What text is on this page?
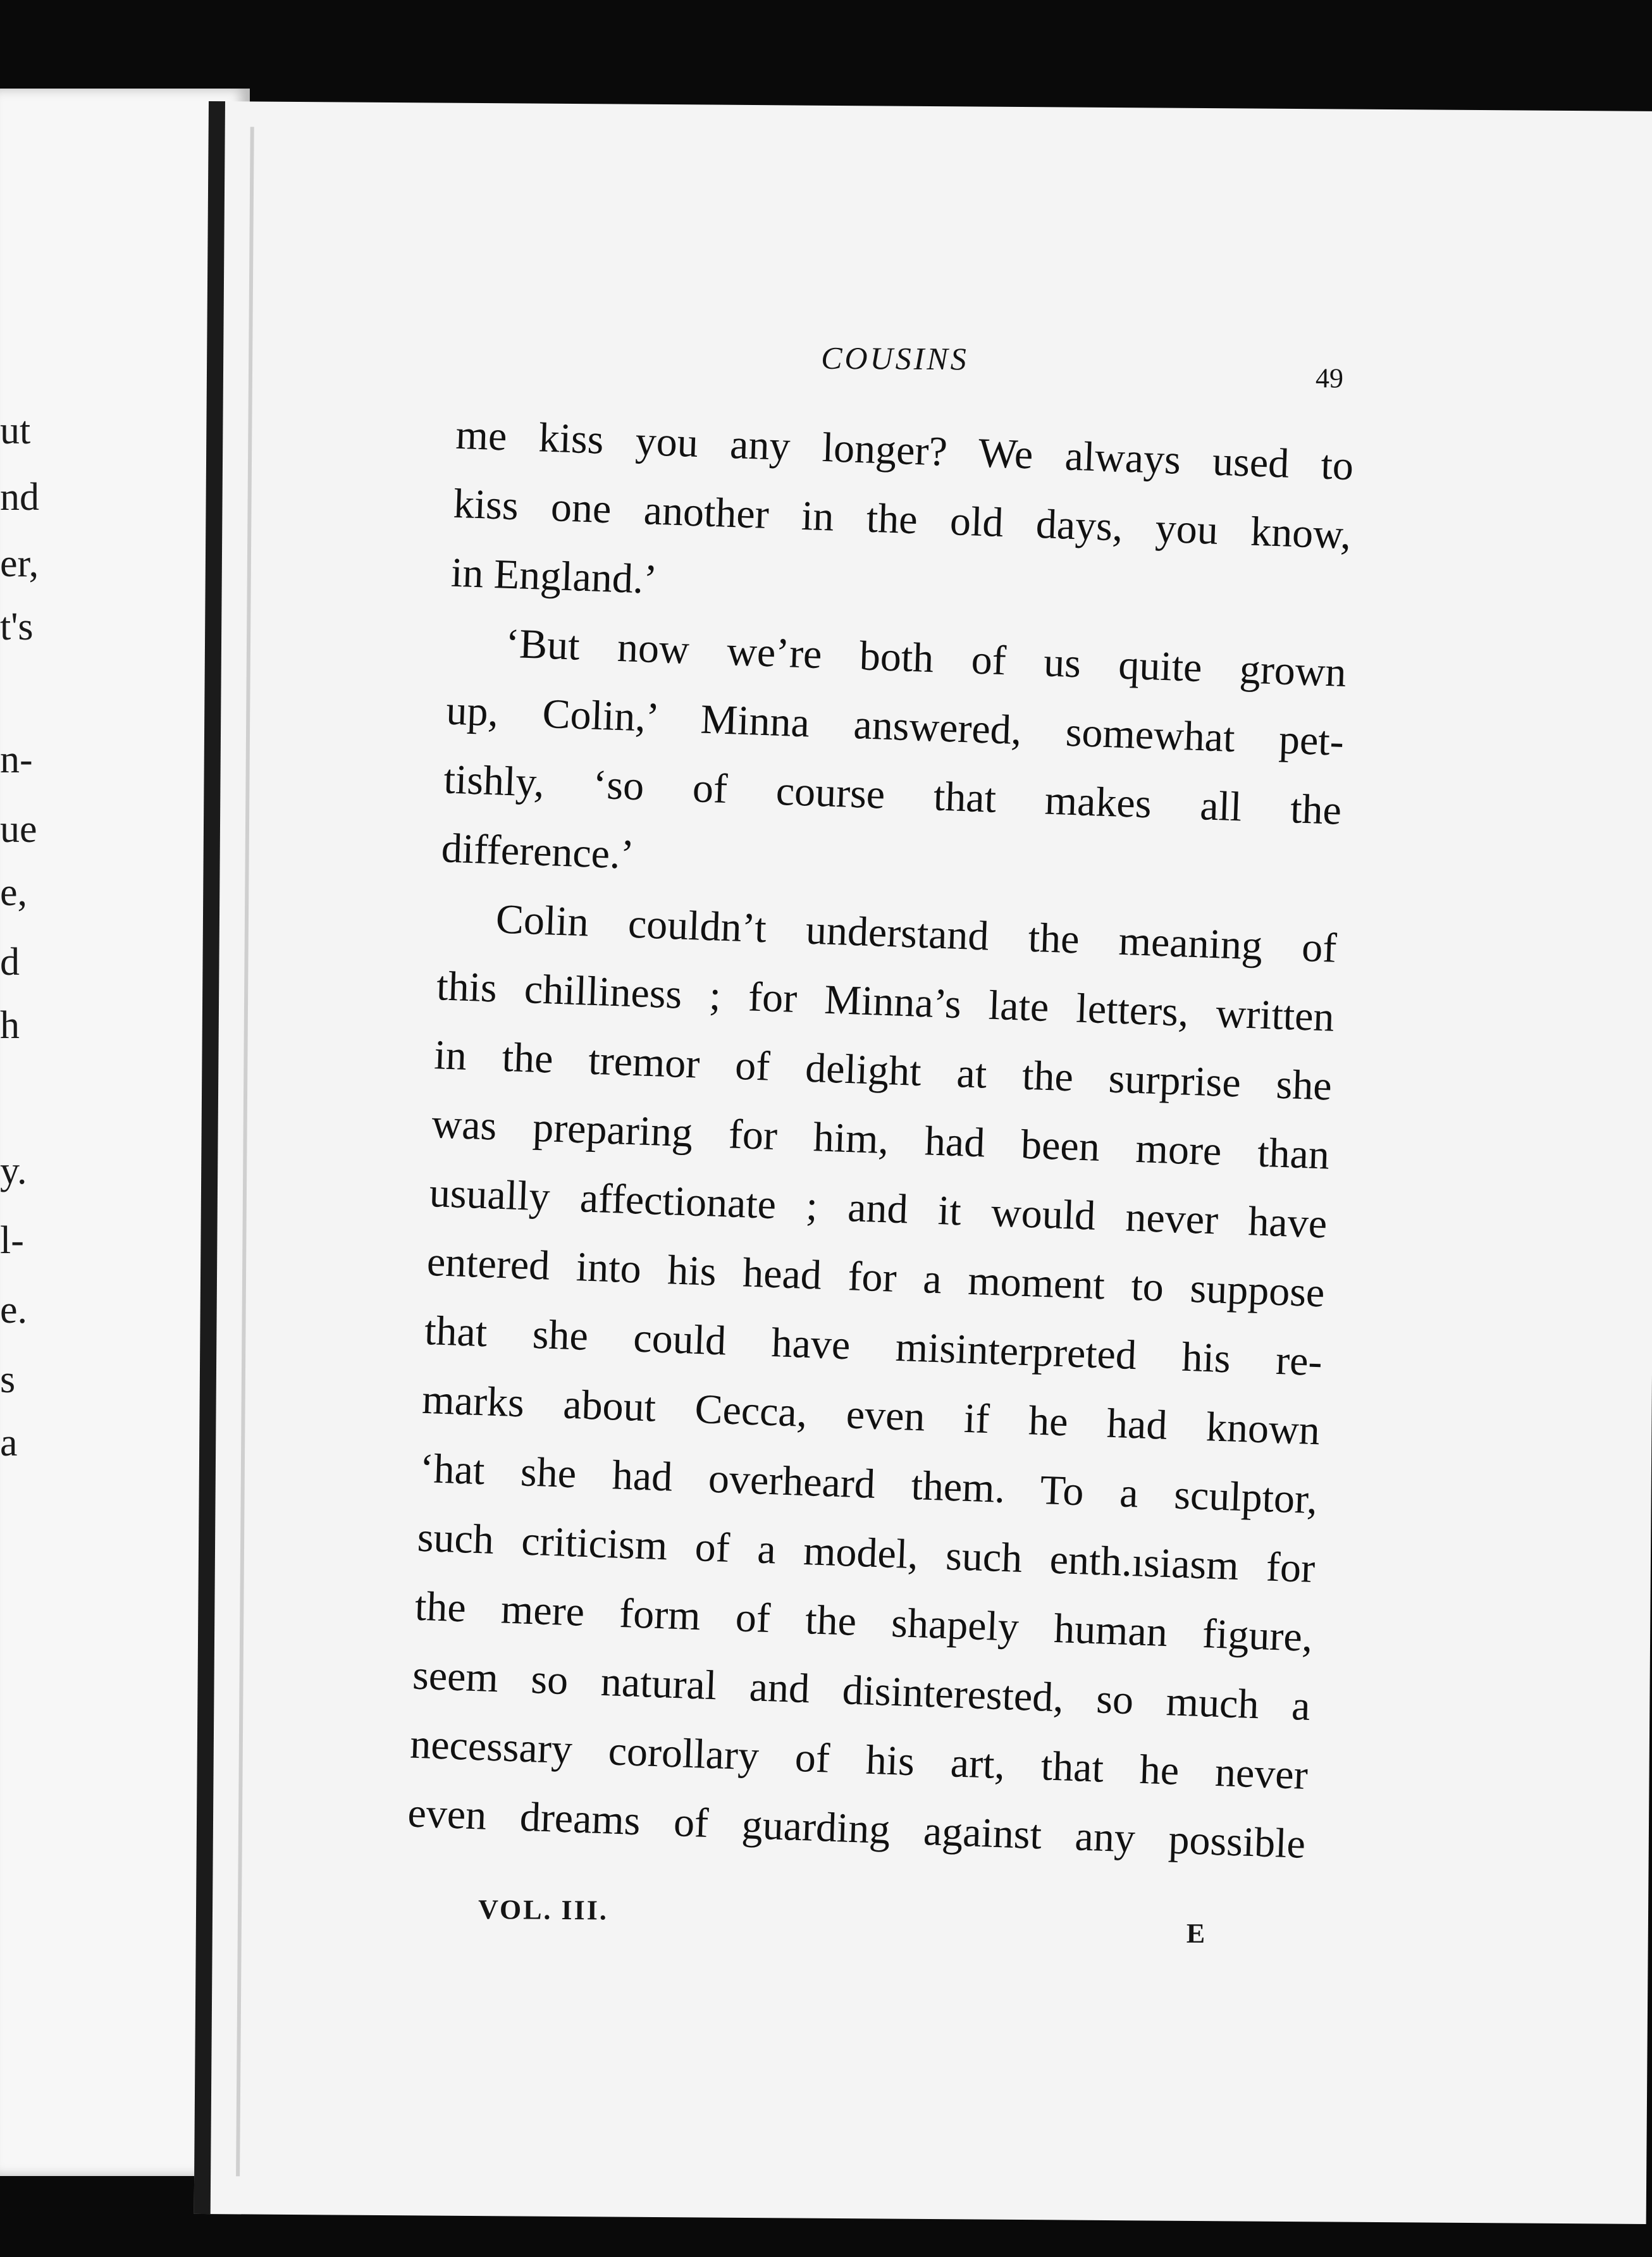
ut
nd
er,
t's
n-
ue
e,
d
h
y.
l-
e.
s
a
COUSINS
49
me kiss you any longer? We always used to
kiss one another in the old days, you know,
in England.’
‘But now we’re both of us quite grown
up, Colin,’ Minna answered, somewhat pet-
tishly, ‘so of course that makes all the
difference.’
Colin couldn’t understand the meaning of
this chilliness ; for Minna’s late letters, written
in the tremor of delight at the surprise she
was preparing for him, had been more than
usually affectionate ; and it would never have
entered into his head for a moment to suppose
that she could have misinterpreted his re-
marks about Cecca, even if he had known
‘hat she had overheard them. To a sculptor,
such criticism of a model, such enth.ısiasm for
the mere form of the shapely human figure,
seem so natural and disinterested, so much a
necessary corollary of his art, that he never
even dreams of guarding against any possible
VOL. III.
E
